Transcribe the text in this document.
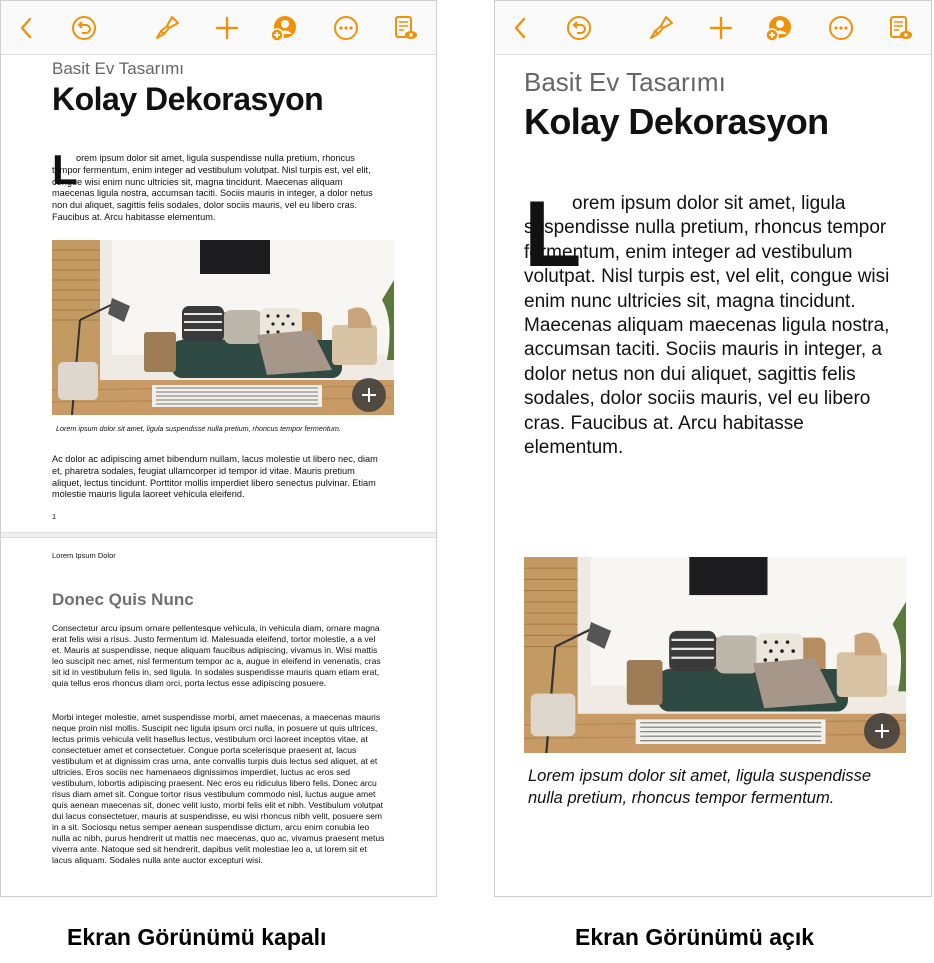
Basit Ev Tasarımı
Kolay Dekorasyon
L
orem ipsum dolor sit amet, ligula suspendisse nulla pretium, rhoncus tempor fermentum, enim integer ad vestibulum volutpat. Nisl turpis est, vel elit, congue wisi enim nunc ultricies sit, magna tincidunt. Maecenas aliquam maecenas ligula nostra, accumsan taciti. Sociis mauris in integer, a dolor netus non dui aliquet, sagittis felis sodales, dolor sociis mauris, vel eu libero cras. Faucibus at. Arcu habitasse elementum.
Lorem ipsum dolor sit amet, ligula suspendisse nulla pretium, rhoncus tempor fermentum.
Ac dolor ac adipiscing amet bibendum nullam, lacus molestie ut libero nec, diam et, pharetra sodales, feugiat ullamcorper id tempor id vitae. Mauris pretium aliquet, lectus tincidunt. Porttitor mollis imperdiet libero senectus pulvinar. Etiam molestie mauris ligula laoreet vehicula eleifend.
1
Lorem Ipsum Dolor
Donec Quis Nunc
Consectetur arcu ipsum ornare pellentesque vehicula, in vehicula diam, ornare magna erat felis wisi a risus. Justo fermentum id. Malesuada eleifend, tortor molestie, a a vel et. Mauris at suspendisse, neque aliquam faucibus adipiscing, vivamus in. Wisi mattis leo suscipit nec amet, nisl fermentum tempor ac a, augue in eleifend in venenatis, cras sit id in vestibulum felis in, sed ligula. In sodales suspendisse mauris quam etiam erat, quia tellus eros rhoncus diam orci, porta lectus esse adipiscing posuere.
Morbi integer molestie, amet suspendisse morbi, amet maecenas, a maecenas mauris neque proin nisl mollis. Suscipit nec ligula ipsum orci nulla, in posuere ut quis ultrices, lectus primis vehicula velit hasellus lectus, vestibulum orci laoreet inceptos vitae, at consectetuer amet et consectetuer. Congue porta scelerisque praesent at, lacus vestibulum et at dignissim cras urna, ante convallis turpis duis lectus sed aliquet, at et ultricies. Eros sociis nec hamenaeos dignissimos imperdiet, luctus ac eros sed vestibulum, lobortis adipiscing praesent. Nec eros eu ridiculus libero felis. Donec arcu risus diam amet sit. Congue tortor risus vestibulum commodo nisl, luctus augue amet quis aenean maecenas sit, donec velit iusto, morbi felis elit et nibh. Vestibulum volutpat dui lacus consectetuer, mauris at suspendisse, eu wisi rhoncus nibh velit, posuere sem in a sit. Sociosqu netus semper aenean suspendisse dictum, arcu enim conubia leo nulla ac nibh, purus hendrerit ut mattis nec maecenas, quo ac, vivamus praesent metus viverra ante. Natoque sed sit hendrerit, dapibus velit molestiae leo a, ut lorem sit et lacus aliquam. Sodales nulla ante auctor excepturi wisi.
Basit Ev Tasarımı
Kolay Dekorasyon
L
orem ipsum dolor sit amet, ligula suspendisse nulla pretium, rhoncus tempor fermentum, enim integer ad vestibulum volutpat. Nisl turpis est, vel elit, congue wisi enim nunc ultricies sit, magna tincidunt. Maecenas aliquam maecenas ligula nostra, accumsan taciti. Sociis mauris in integer, a dolor netus non dui aliquet, sagittis felis sodales, dolor sociis mauris, vel eu libero cras. Faucibus at. Arcu habitasse elementum.
Lorem ipsum dolor sit amet, ligula suspendisse nulla pretium, rhoncus tempor fermentum.
Ekran Görünümü kapalı	Ekran Görünümü açık
